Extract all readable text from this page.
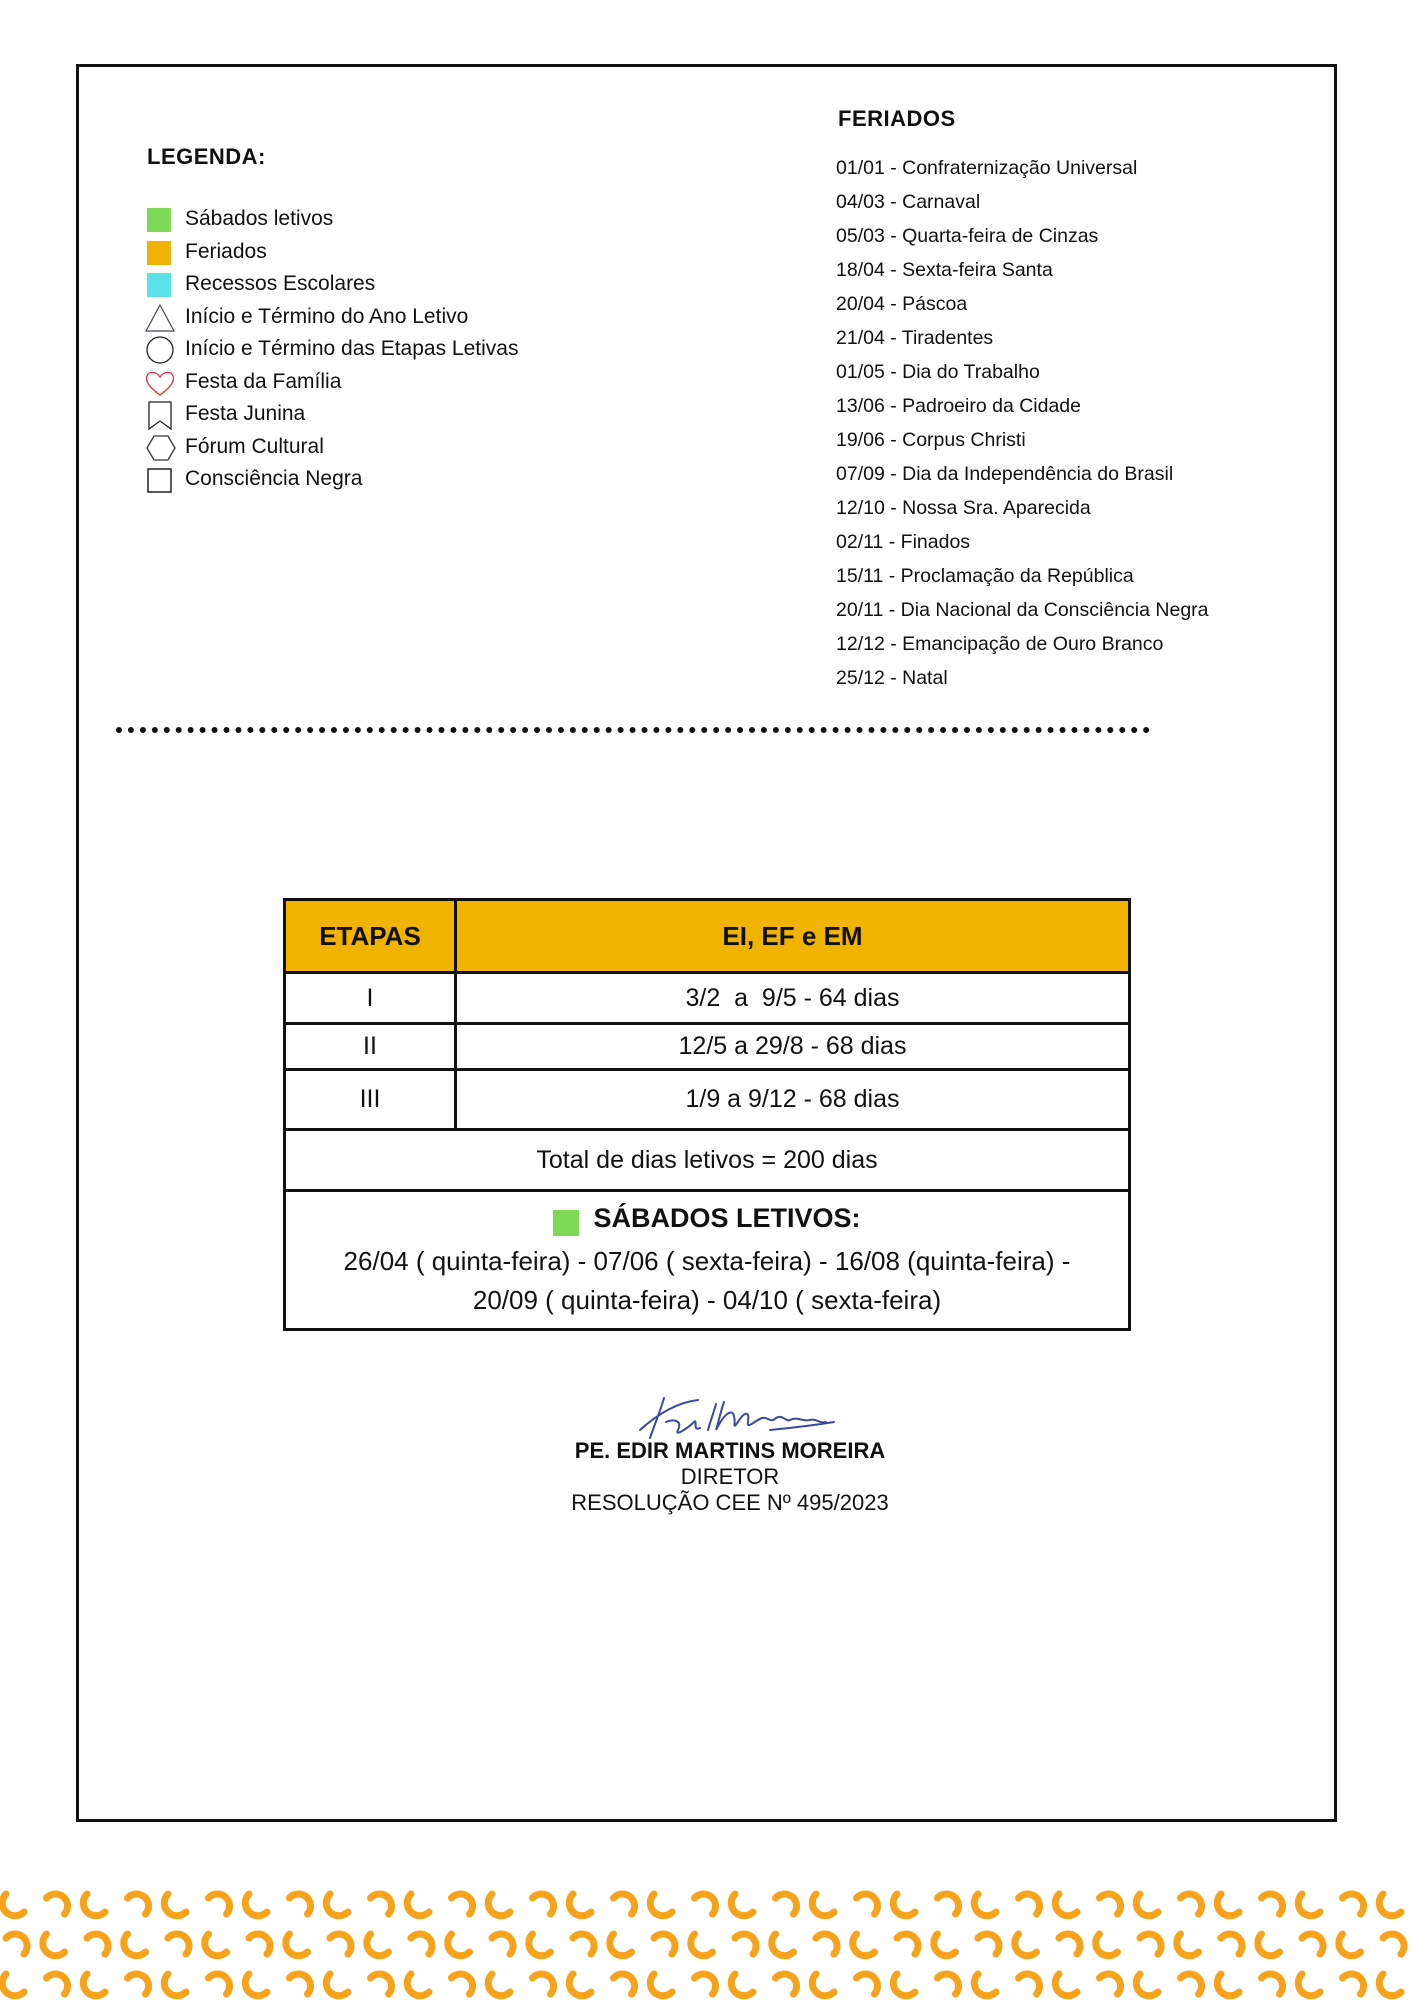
LEGENDA:
Sábados letivos
Feriados
Recessos Escolares
Início e Término do Ano Letivo
Início e Término das Etapas Letivas
Festa da Família
Festa Junina
Fórum Cultural
Consciência Negra
FERIADOS
01/01 - Confraternização Universal
04/03 - Carnaval
05/03 - Quarta-feira de Cinzas
18/04 - Sexta-feira Santa
20/04 - Páscoa
21/04 - Tiradentes
01/05 - Dia do Trabalho
13/06 - Padroeiro da Cidade
19/06 - Corpus Christi
07/09 - Dia da Independência do Brasil
12/10 - Nossa Sra. Aparecida
02/11 - Finados
15/11 - Proclamação da República
20/11 - Dia Nacional da Consciência Negra
12/12 - Emancipação de Ouro Branco
25/12 - Natal
ETAPAS	EI, EF e EM
I	3/2  a  9/5 - 64 dias
II	12/5 a 29/8 - 68 dias
III	1/9 a 9/12 - 68 dias
Total de dias letivos = 200 dias	

SÁBADOS LETIVOS:
26/04 ( quinta-feira) - 07/06 ( sexta-feira) - 16/08 (quinta-feira) -
20/09 ( quinta-feira) - 04/10 ( sexta-feira)	
PE. EDIR MARTINS MOREIRA
DIRETOR
RESOLUÇÃO CEE Nº 495/2023
